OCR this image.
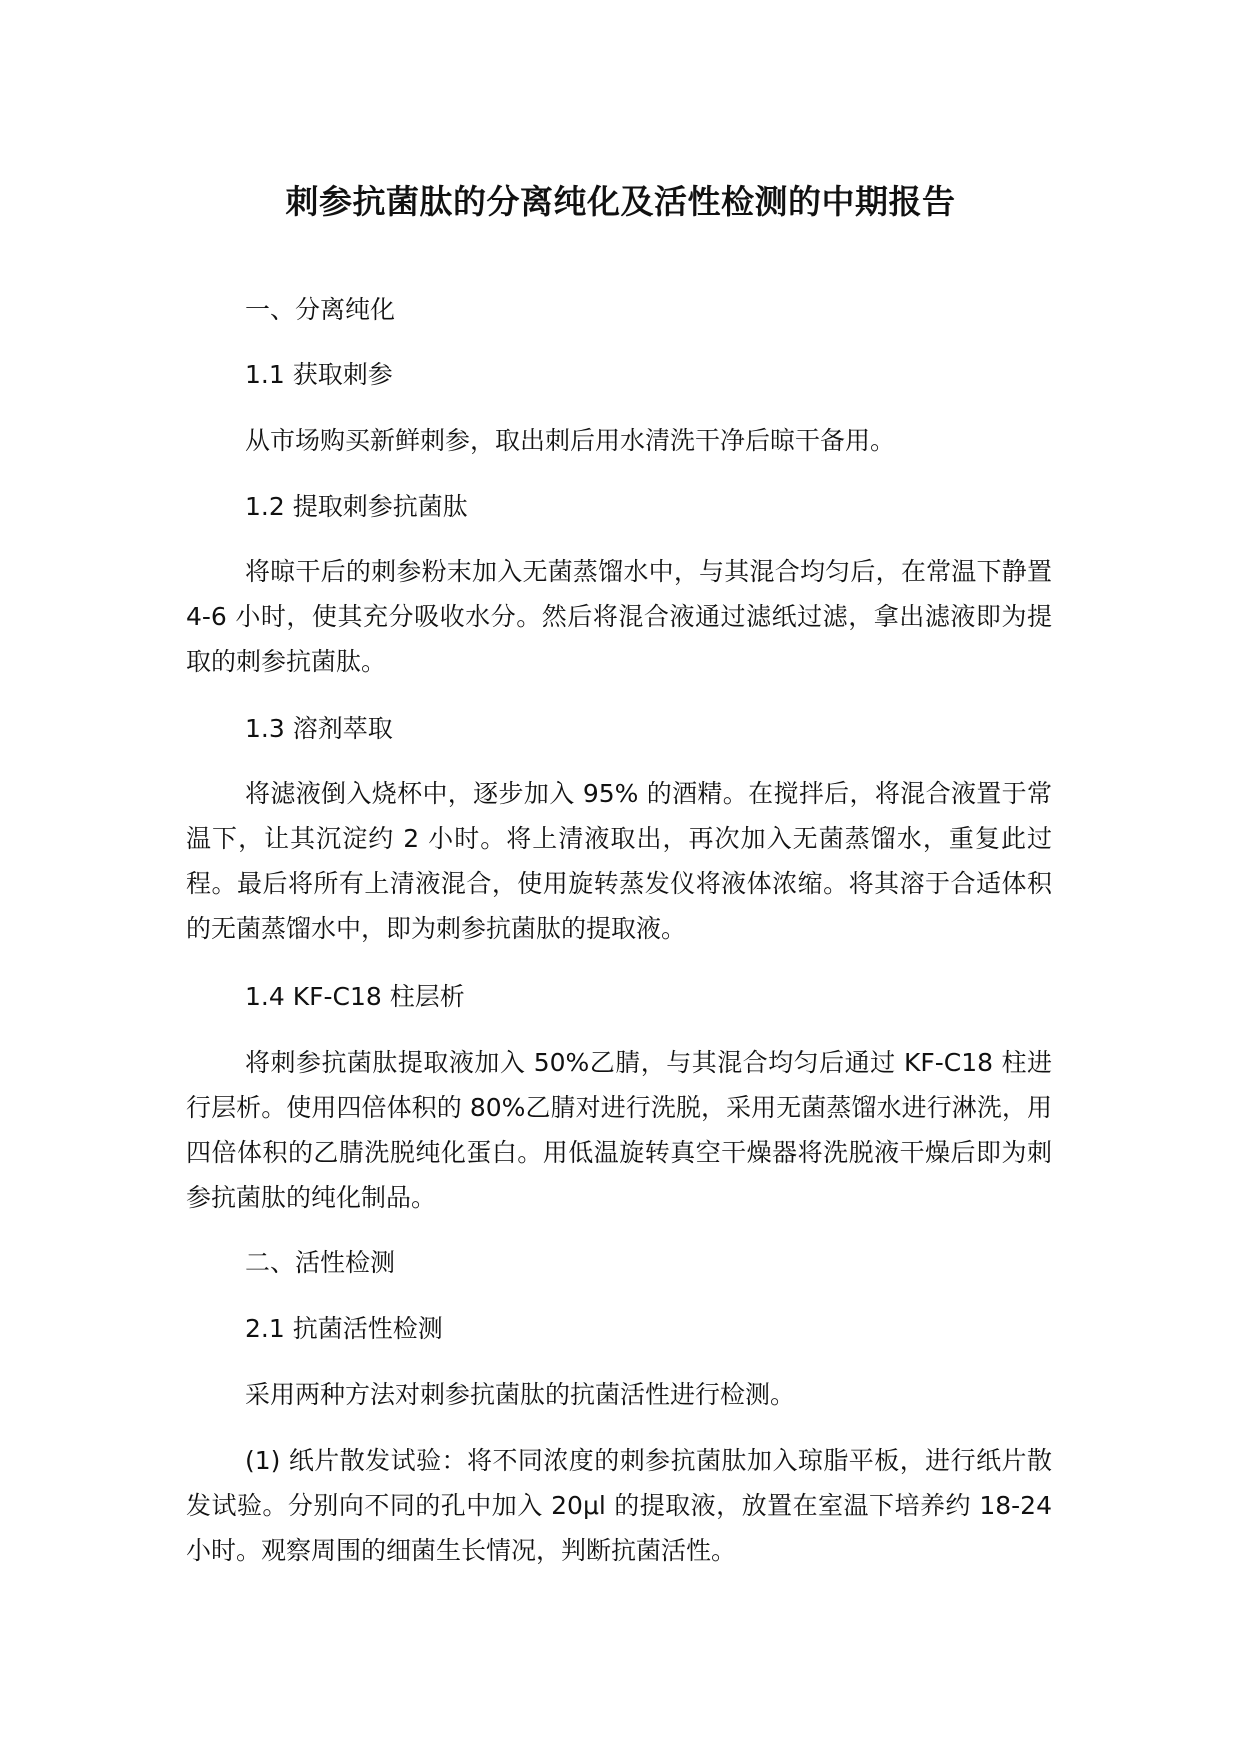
刺参抗菌肽的分离纯化及活性检测的中期报告
一、分离纯化
1.1 获取刺参

从市场购买新鲜刺参，取出刺后用水清洗干净后晾干备用。

1.2 提取刺参抗菌肽

将晾干后的刺参粉末加入无菌蒸馏水中，与其混合均匀后，在常温下静置 4-6 小时，使其充分吸收水分。然后将混合液通过滤纸过滤，拿出滤液即为提取的刺参抗菌肽。

1.3 溶剂萃取

将滤液倒入烧杯中，逐步加入 95% 的酒精。在搅拌后，将混合液置于常温下，让其沉淀约 2 小时。将上清液取出，再次加入无菌蒸馏水，重复此过程。最后将所有上清液混合，使用旋转蒸发仪将液体浓缩。将其溶于合适体积的无菌蒸馏水中，即为刺参抗菌肽的提取液。

1.4 KF-C18 柱层析

将刺参抗菌肽提取液加入 50%乙腈，与其混合均匀后通过 KF-C18 柱进行层析。使用四倍体积的 80%乙腈对进行洗脱，采用无菌蒸馏水进行淋洗，用四倍体积的乙腈洗脱纯化蛋白。用低温旋转真空干燥器将洗脱液干燥后即为刺参抗菌肽的纯化制品。

二、活性检测
2.1 抗菌活性检测

采用两种方法对刺参抗菌肽的抗菌活性进行检测。

(1) 纸片散发试验：将不同浓度的刺参抗菌肽加入琼脂平板，进行纸片散发试验。分别向不同的孔中加入 20μl 的提取液，放置在室温下培养约 18-24 小时。观察周围的细菌生长情况，判断抗菌活性。
